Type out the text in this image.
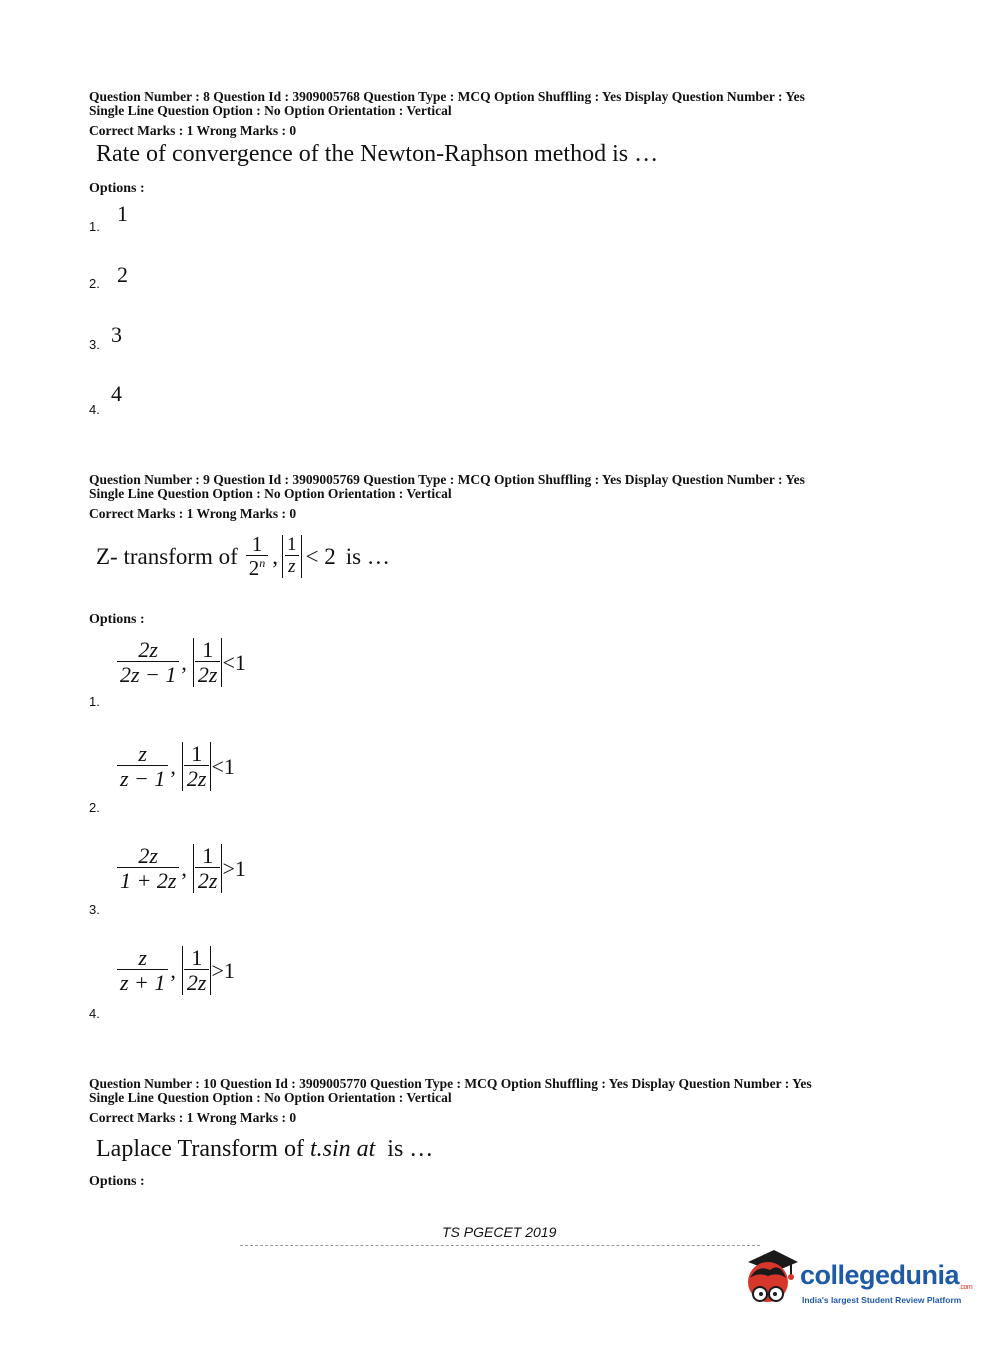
Question Number : 8 Question Id : 3909005768 Question Type : MCQ Option Shuffling : Yes Display Question Number : Yes
Single Line Question Option : No Option Orientation : Vertical
Correct Marks : 1 Wrong Marks : 0
Rate of convergence of the Newton-Raphson method is …
Options :
1.
1
2. 2
3. 3
4.
4
Question Number : 9 Question Id : 3909005769 Question Type : MCQ Option Shuffling : Yes Display Question Number : Yes
Single Line Question Option : No Option Orientation : Vertical
Correct Marks : 1 Wrong Marks : 0
Z- transform of $\frac{1}{2^n}$ , $\frac{1}{z} < 2$ is …
Options :
1.
$\frac{2z}{2z - 1}$ , $\frac{1}{2z} <1$
2.
$\frac{z}{z - 1}$ , $\frac{1}{2z} <1$
3.
$\frac{2z}{1 + 2z}$ , $\frac{1}{2z} >1$
4.
$\frac{z}{z + 1}$ , $\frac{1}{2z} >1$
Question Number : 10 Question Id : 3909005770 Question Type : MCQ Option Shuffling : Yes Display Question Number : Yes
Single Line Question Option : No Option Orientation : Vertical
Correct Marks : 1 Wrong Marks : 0
Laplace Transform of t.sin at is …
Options :
TS PGECET 2019
collegedunia.com
India's largest Student Review Platform
